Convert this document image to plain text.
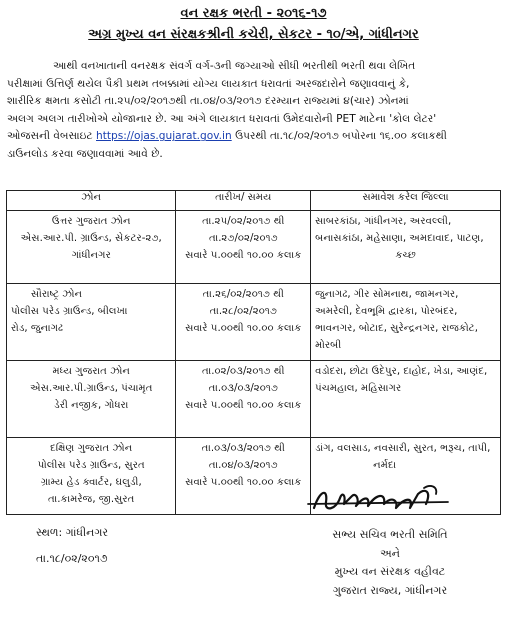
વન રક્ષક ભરતી - ૨૦૧૬-૧૭
અગ્ર મુખ્ય વન સંરક્ષકશ્રીની કચેરી, સેકટર - ૧૦/એ, ગાંધીનગર
આથી વનખાતાની વનરક્ષક સંવર્ગ વર્ગ-૩ની જગ્યાઓ સીધી ભરતીથી ભરતી થવા લેખિત
પરીક્ષામાં ઉત્તિર્ણ થયેલ પૈકી પ્રથમ તબક્કામાં યોગ્ય લાયકાત ધરાવતાં અરજદારોને જણાવવાનું કે,
શારીરિક ક્ષમતા કસોટી તા.૨૫/૦૨/૨૦૧૭થી તા.૦૪/૦૩/૨૦૧૭ દરમ્યાન રાજ્યમાં ૪(ચાર) ઝોનમાં
અલગ અલગ તારીખોએ યોજાનાર છે. આ અંગે લાયકાત ધરાવતાં ઉમેદવારોની PET માટેના 'કોલ લેટર'
ઓજસની વેબસાઇટ https://ojas.gujarat.gov.in ઉપરથી તા.૧૮/૦૨/૨૦૧૭ બપોરના ૧૬.૦૦ કલાકથી
ડાઉનલોડ કરવા જણાવવામાં આવે છે.
ઝોન	તારીખ/ સમય	સમાવેશ કરેલ જિલ્લા

ઉત્તર ગુજરાત ઝોન
એસ.આર.પી. ગ્રાઉન્ડ, સેકટર-૨૭,
ગાંધીનગર	તા.૨૫/૦૨/૨૦૧૭ થી
તા.૨૭/૦૨/૨૦૧૭
સવારે ૫.૦૦થી ૧૦.૦૦ કલાક	સાબરકાંઠા, ગાંધીનગર, અરવલ્લી,
બનાસકાંઠા, મહેસાણા, અમદાવાદ, પાટણ,
કચ્છ

સૌરાષ્ટ્ર ઝોન
પોલીસ પરેડ ગ્રાઉન્ડ, બીલખા
રોડ, જુનાગઢ	તા.૨૬/૦૨/૨૦૧૭ થી
તા.૨૮/૦૨/૨૦૧૭
સવારે ૫.૦૦થી ૧૦.૦૦ કલાક	જુનાગઢ, ગીર સોમનાથ, જામનગર,
અમરેલી, દેવભૂમિ દ્વારકા, પોરબંદર,
ભાવનગર, બોટાદ, સુરેન્દ્રનગર, રાજકોટ,
મોરબી

મધ્ય ગુજરાત ઝોન
એસ.આર.પી.ગ્રાઉન્ડ, પંચામૃત
ડેરી નજીક, ગોધરા	તા.૦૨/૦૩/૨૦૧૭ થી
તા.૦૩/૦૩/૨૦૧૭
સવારે ૫.૦૦થી ૧૦.૦૦ કલાક	વડોદરા, છોટા ઉદેપુર, દાહોદ, ખેડા, આણંદ,
પંચમહાલ, મહિસાગર

દક્ષિણ ગુજરાત ઝોન
પોલીસ પરેડ ગ્રાઉન્ડ, સુરત
ગ્રામ્ય હેડ ક્વાર્ટર, ઘલુડી,
તા.કામરેજ, જી.સુરત	તા.૦૩/૦૩/૨૦૧૭ થી
તા.૦૪/૦૩/૨૦૧૭
સવારે ૫.૦૦થી ૧૦.૦૦ કલાક	ડાંગ, વલસાડ, નવસારી, સુરત, ભરૂચ, તાપી,
નર્મદા
સ્થળ: ગાંધીનગર
તા.૧૮/૦૨/૨૦૧૭
સભ્ય સચિવ ભરતી સમિતિ
અને
મુખ્ય વન સંરક્ષક વહીવટ
ગુજરાત રાજ્ય, ગાંધીનગર
